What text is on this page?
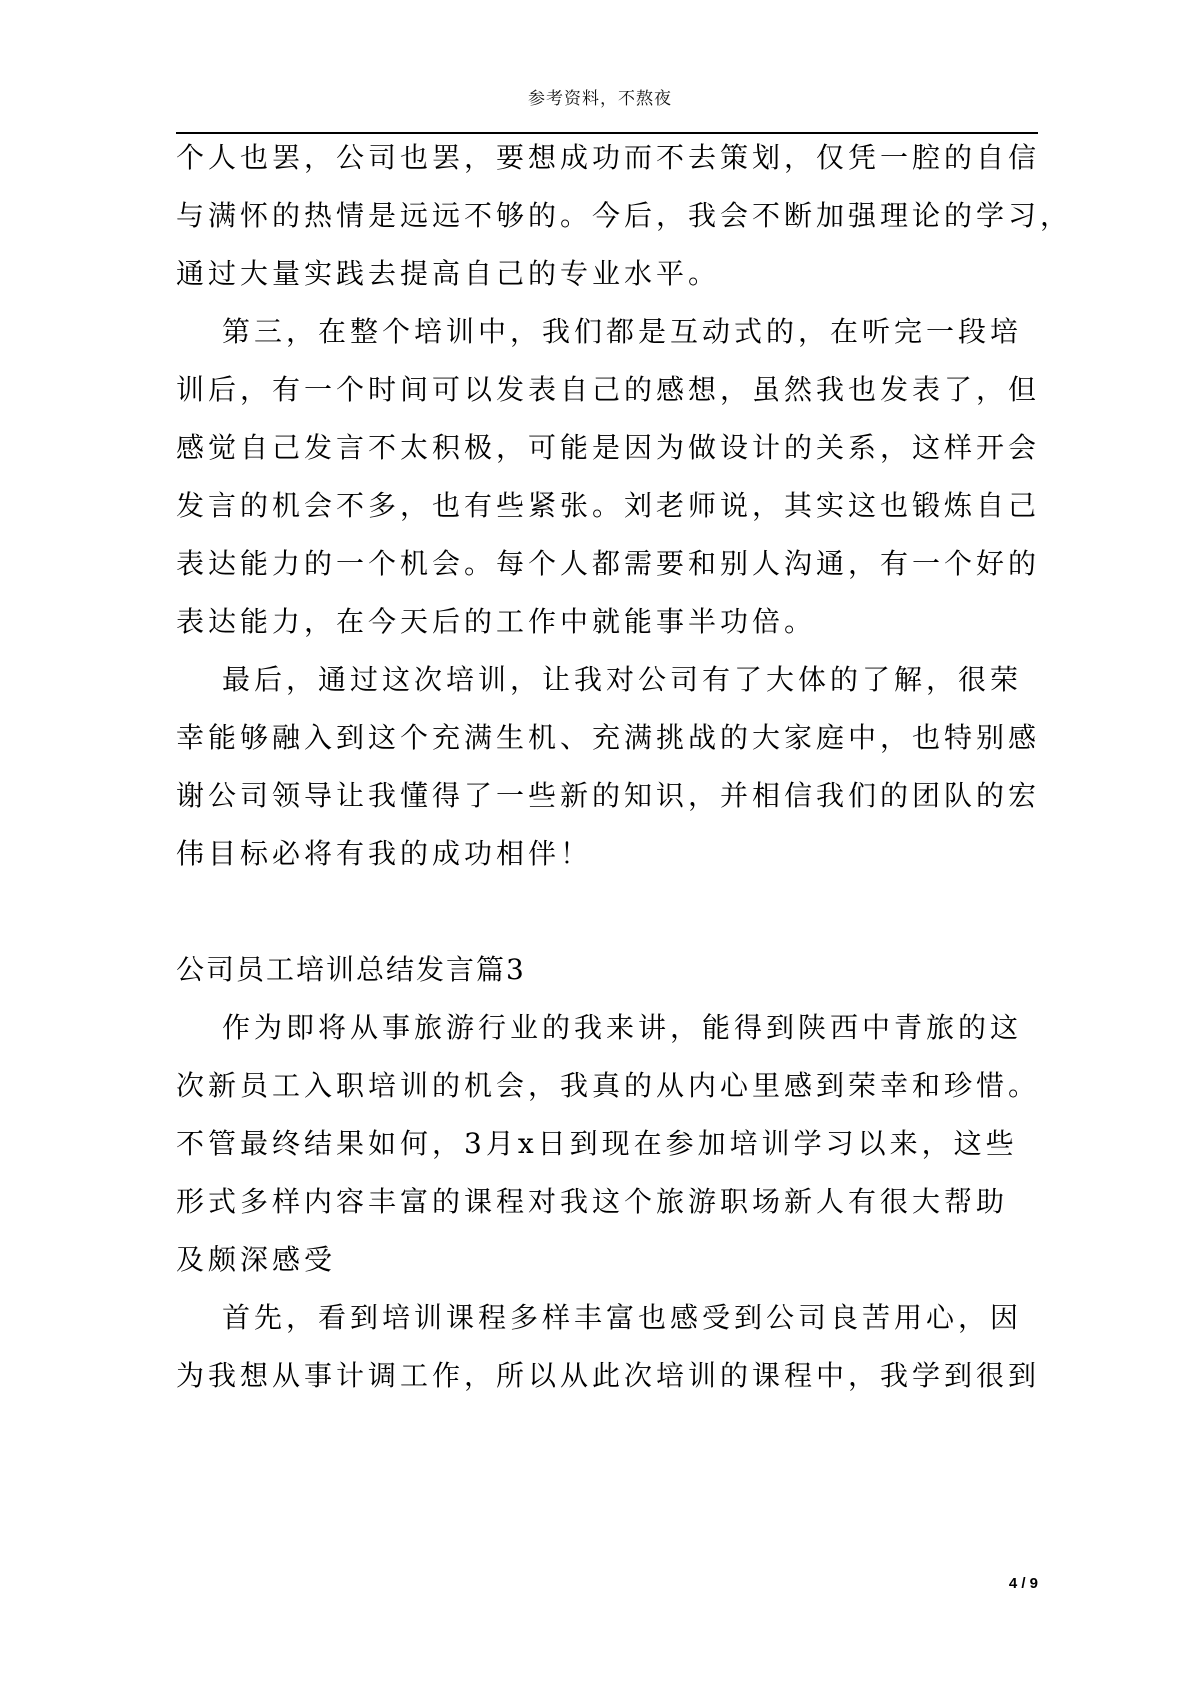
参考资料，不熬夜
个人也罢，公司也罢，要想成功而不去策划，仅凭一腔的自信
与满怀的热情是远远不够的。今后，我会不断加强理论的学习，
通过大量实践去提高自己的专业水平。
第三，在整个培训中，我们都是互动式的，在听完一段培
训后，有一个时间可以发表自己的感想，虽然我也发表了，但
感觉自己发言不太积极，可能是因为做设计的关系，这样开会
发言的机会不多，也有些紧张。刘老师说，其实这也锻炼自己
表达能力的一个机会。每个人都需要和别人沟通，有一个好的
表达能力，在今天后的工作中就能事半功倍。
最后，通过这次培训，让我对公司有了大体的了解，很荣
幸能够融入到这个充满生机、充满挑战的大家庭中，也特别感
谢公司领导让我懂得了一些新的知识，并相信我们的团队的宏
伟目标必将有我的成功相伴！
公司员工培训总结发言篇3
作为即将从事旅游行业的我来讲，能得到陕西中青旅的这
次新员工入职培训的机会，我真的从内心里感到荣幸和珍惜。
不管最终结果如何，3月x日到现在参加培训学习以来，这些
形式多样内容丰富的课程对我这个旅游职场新人有很大帮助
及颇深感受
首先，看到培训课程多样丰富也感受到公司良苦用心，因
为我想从事计调工作，所以从此次培训的课程中，我学到很到
4 / 9
